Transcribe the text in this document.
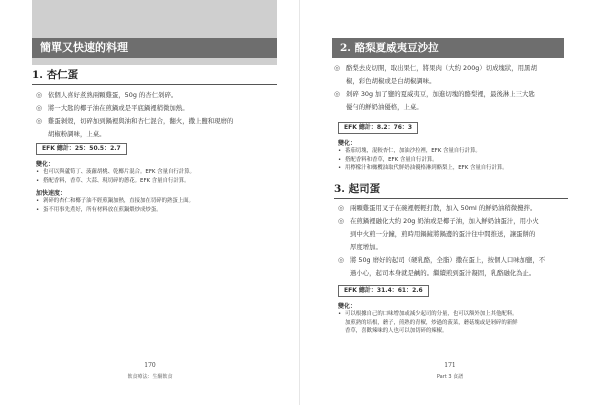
簡單又快速的料理
1. 杏仁蛋
◎ 依個人喜好煮熟兩顆雞蛋，50g 的杏仁剁碎。
◎ 將一大匙的椰子油在煎鍋或是平底鍋裡稍微加熱。
◎ 雞蛋剝殼，切碎加到鍋裡與油和杏仁混合，翻火，撒上鹽和現磨的
胡椒粉調味，上桌。
EFK 總計：25：50.5：2.7
變化：
• 也可以與蘆筍丁、菠蘿胡桃、乾椰片混合。EFK 含量自行計算。
• 搭配香料，香草、大蒜、現切碎的蔥花。EFK 含量自行計算。
加快速度：
• 剝碎的杏仁和椰子油不經煎鍋加熱，直接加在切碎的熟蛋上面。
• 蛋不用事先煮好，所有材料放在煎鍋煨炒成炒蛋。
170
飲食療法：生酮飲食
2. 酪梨夏威夷豆沙拉
◎ 酪梨去皮切開，取出果仁，將果肉（大約 200g）切成塊狀，用黑胡
椒，彩色胡椒或是白胡椒調味。
◎ 剁碎 30g 加了鹽的夏威夷豆，加進切塊的酪梨裡，最後淋上三大匙
優勻的鮮奶油優格，上桌。
EFK 總計：8.2：76：3
變化：
• 番茄切塊，混較杏仁，加油沙拉裡，EFK 含量自行計算。
• 搭配香料和香草，EFK 含量自行計算。
• 用檸檬汁和橄欖油取代鮮奶油優格淋到酪梨上，EFK 含量自行計算。
3. 起司蛋
◎ 兩顆雞蛋用叉子在碗裡輕輕打散，加入 50ml 的鮮奶油稍微攪拌。
◎ 在煎鍋裡融化大約 20g 奶油或是椰子油，加入鮮奶油蛋汁，用小火
到中火煎一分鐘，煎時用鍋鏟將鍋邊的蛋汁往中間推送，讓蛋餅的
厚度增加。
◎ 將 50g 磨好的起司（硬乳酪，全脂）撒在蛋上，按個人口味加鹽，不
過小心，起司本身就是鹹的。繼續煎到蛋汁凝固，乳酪融化為止。
EFK 總計：31.4：61：2.6
變化：
• 可以根據自己的口味增加或減少起司的分量，也可以額外加上其他配料。
加煎熟的培根，蘑子，煎熟的青椒，炒過的菠菜，蘑菇塊或是剁碎的新鮮
香草，喜歡辣味的人也可以加切碎的辣椒。
171
Part 3 食譜
